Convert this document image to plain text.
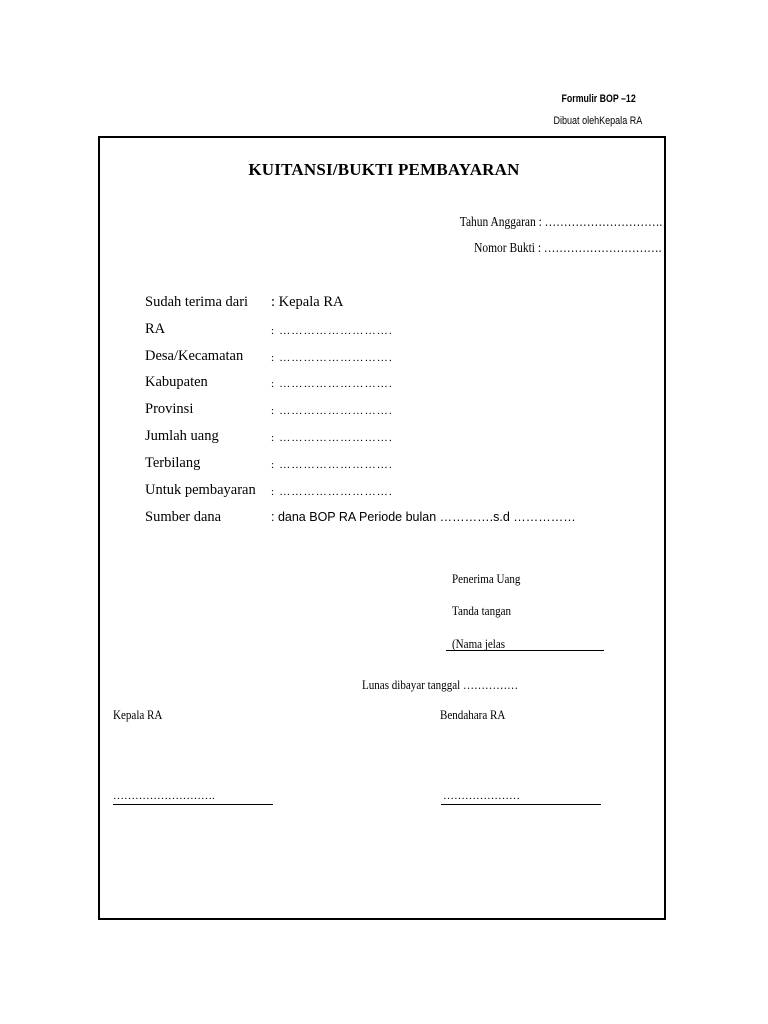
Formulir BOP –12
Dibuat olehKepala RA
KUITANSI/BUKTI PEMBAYARAN
Tahun Anggaran : ………………………….
Nomor Bukti : ………………………….
Sudah terima dari : Kepala RA
RA	: ……………………….
Desa/Kecamatan	: ……………………….
Kabupaten	: ……………………….
Provinsi	: ……………………….
Jumlah uang	: ……………………….
Terbilang	: ……………………….
Untuk pembayaran : ……………………….
Sumber dana	: dana BOP RA Periode bulan ………….s.d ……………
Penerima Uang
Tanda tangan
(Nama jelas
Lunas dibayar tanggal ……………
Kepala RA	Bendahara RA
……………………….	…………………
